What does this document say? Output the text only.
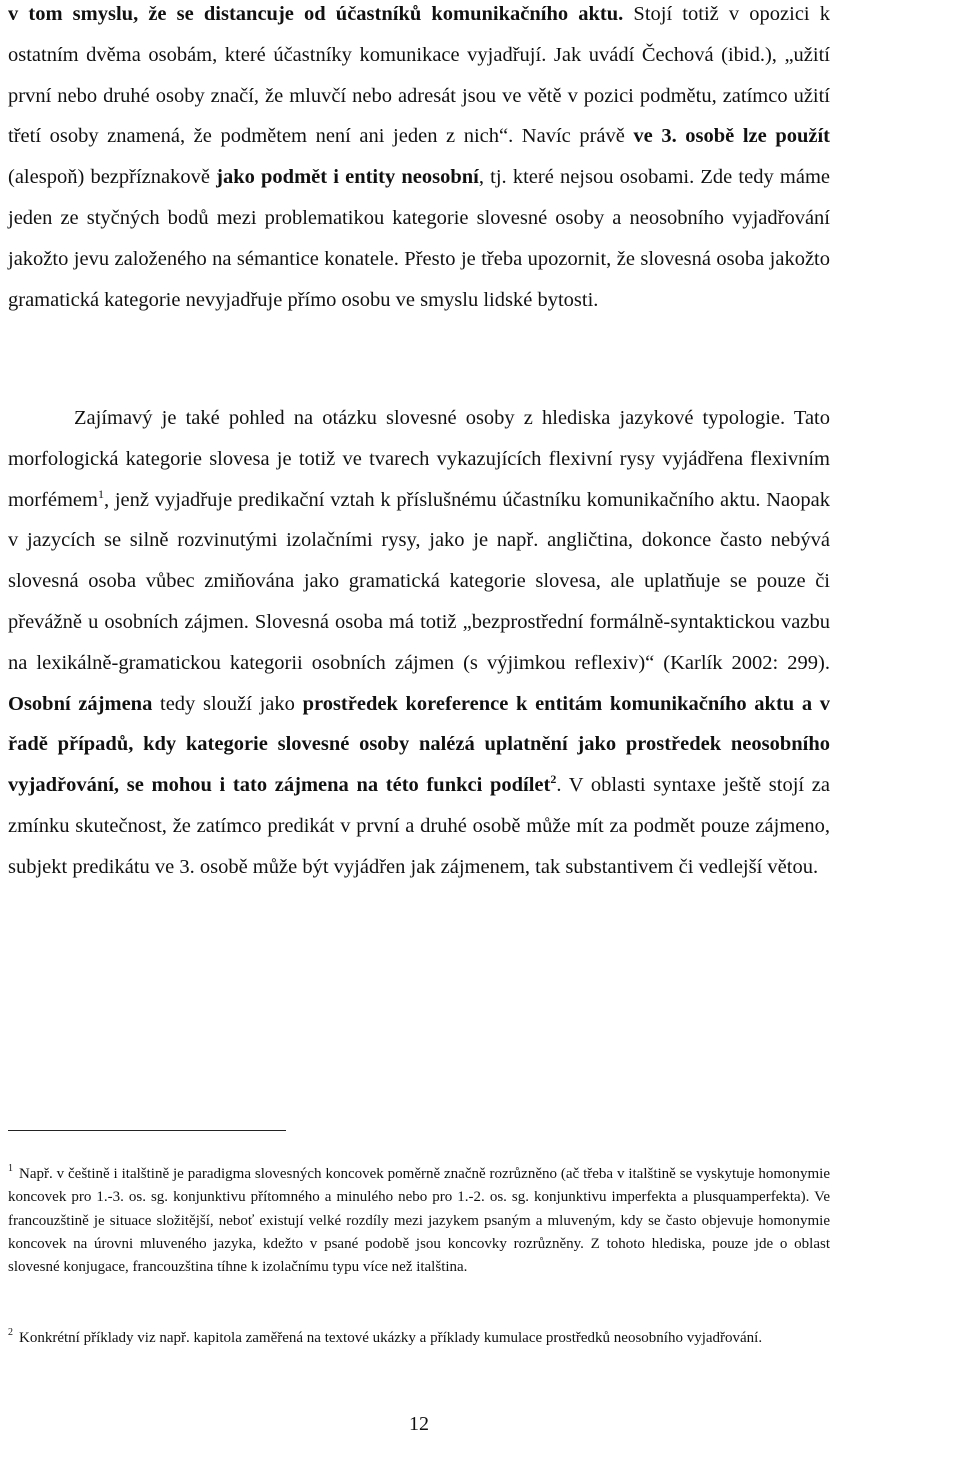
v tom smyslu, že se distancuje od účastníků komunikačního aktu. Stojí totiž v opozici k ostatním dvěma osobám, které účastníky komunikace vyjadřují. Jak uvádí Čechová (ibid.), „užití první nebo druhé osoby značí, že mluvčí nebo adresát jsou ve větě v pozici podmětu, zatímco užití třetí osoby znamená, že podmětem není ani jeden z nich“. Navíc právě ve 3. osobě lze použít (alespoň) bezpříznakově jako podmět i entity neosobní, tj. které nejsou osobami. Zde tedy máme jeden ze styčných bodů mezi problematikou kategorie slovesné osoby a neosobního vyjadřování jakožto jevu založeného na sémantice konatele. Přesto je třeba upozornit, že slovesná osoba jakožto gramatická kategorie nevyjadřuje přímo osobu ve smyslu lidské bytosti.

Zajímavý je také pohled na otázku slovesné osoby z hlediska jazykové typologie. Tato morfologická kategorie slovesa je totiž ve tvarech vykazujících flexivní rysy vyjádřena flexivním morfémem$^1$, jenž vyjadřuje predikační vztah k příslušnému účastníku komunikačního aktu. Naopak v jazycích se silně rozvinutými izolačními rysy, jako je např. angličtina, dokonce často nebývá slovesná osoba vůbec zmiňována jako gramatická kategorie slovesa, ale uplatňuje se pouze či převážně u osobních zájmen. Slovesná osoba má totiž „bezprostřední formálně-syntaktickou vazbu na lexikálně-gramatickou kategorii osobních zájmen (s výjimkou reflexiv)“ (Karlík 2002: 299). Osobní zájmena tedy slouží jako prostředek koreference k entitám komunikačního aktu a v řadě případů, kdy kategorie slovesné osoby nalézá uplatnění jako prostředek neosobního vyjadřování, se mohou i tato zájmena na této funkci podílet$^2$. V oblasti syntaxe ještě stojí za zmínku skutečnost, že zatímco predikát v první a druhé osobě může mít za podmět pouze zájmeno, subjekt predikátu ve 3. osobě může být vyjádřen jak zájmenem, tak substantivem či vedlejší větou.

$^1$ Např. v češtině i italštině je paradigma slovesných koncovek poměrně značně rozrůzněno (ač třeba v italštině se vyskytuje homonymie koncovek pro 1.-3. os. sg. konjunktivu přítomného a minulého nebo pro 1.-2. os. sg. konjunktivu imperfekta a plusquamperfekta). Ve francouzštině je situace složitější, neboť existují velké rozdíly mezi jazykem psaným a mluveným, kdy se často objevuje homonymie koncovek na úrovni mluveného jazyka, kdežto v psané podobě jsou koncovky rozrůzněny. Z tohoto hlediska, pouze jde o oblast slovesné konjugace, francouzština tíhne k izolačnímu typu více než italština.

$^2$ Konkrétní příklady viz např. kapitola zaměřená na textové ukázky a příklady kumulace prostředků neosobního vyjadřování.

12
